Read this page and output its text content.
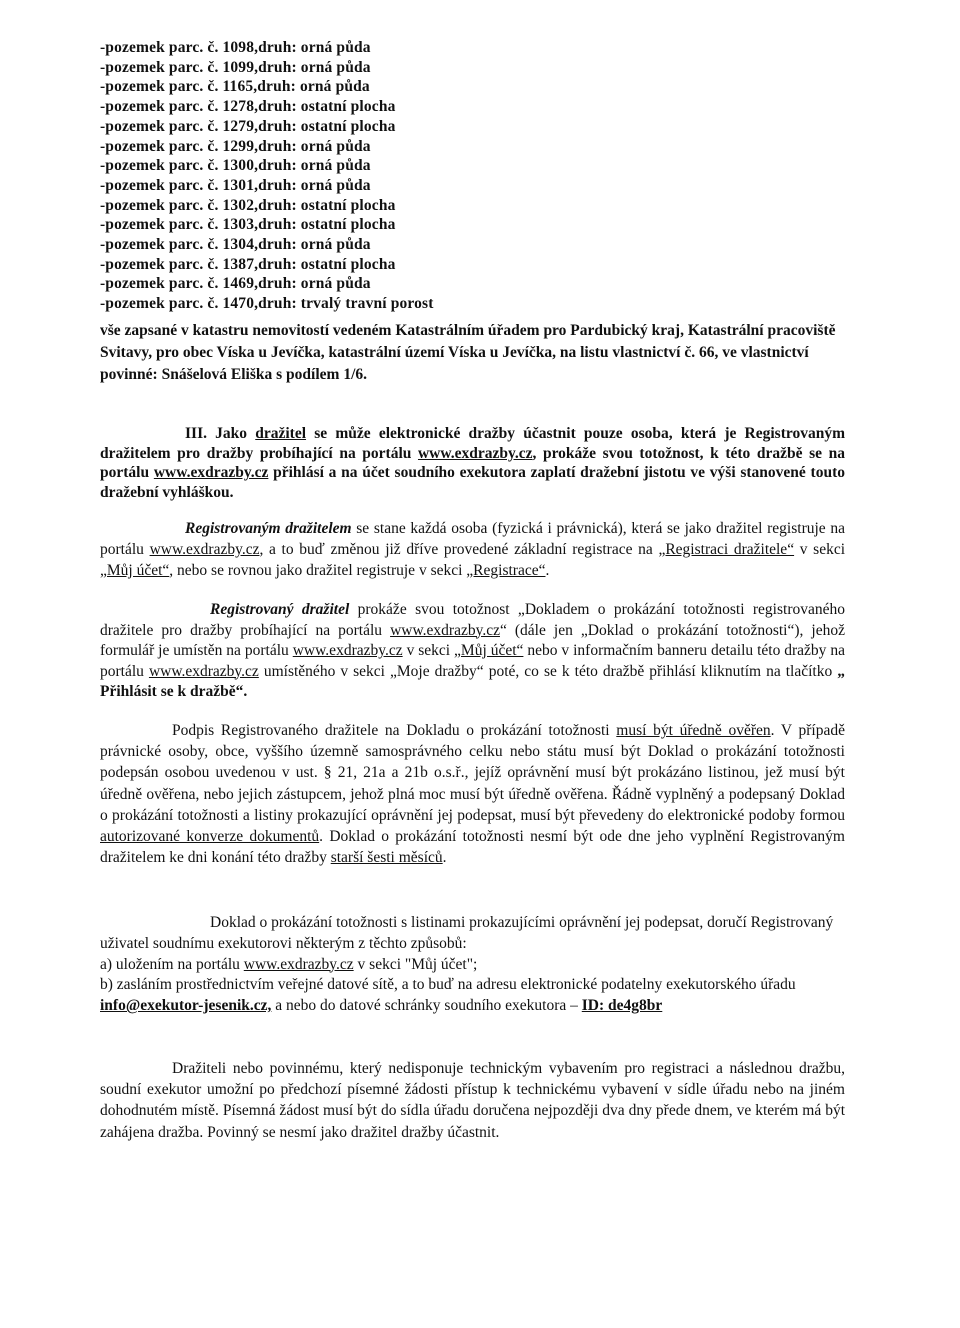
-pozemek parc. č. 1098,druh: orná půda
-pozemek parc. č. 1099,druh: orná půda
-pozemek parc. č. 1165,druh: orná půda
-pozemek parc. č. 1278,druh: ostatní plocha
-pozemek parc. č. 1279,druh: ostatní plocha
-pozemek parc. č. 1299,druh: orná půda
-pozemek parc. č. 1300,druh: orná půda
-pozemek parc. č. 1301,druh: orná půda
-pozemek parc. č. 1302,druh: ostatní plocha
-pozemek parc. č. 1303,druh: ostatní plocha
-pozemek parc. č. 1304,druh: orná půda
-pozemek parc. č. 1387,druh: ostatní plocha
-pozemek parc. č. 1469,druh: orná půda
-pozemek parc. č. 1470,druh: trvalý travní porost
vše zapsané v katastru nemovitostí vedeném Katastrálním úřadem pro Pardubický kraj, Katastrální pracoviště Svitavy, pro obec Víska u Jevíčka, katastrální území Víska u Jevíčka, na listu vlastnictví č. 66, ve vlastnictví povinné: Snášelová Eliška s podílem 1/6.
III. Jako dražitel se může elektronické dražby účastnit pouze osoba, která je Registrovaným dražitelem pro dražby probíhající na portálu www.exdrazby.cz, prokáže svou totožnost, k této dražbě se na portálu www.exdrazby.cz přihlásí a na účet soudního exekutora zaplatí dražební jistotu ve výši stanovené touto dražební vyhláškou.
Registrovaným dražitelem se stane každá osoba (fyzická i právnická), která se jako dražitel registruje na portálu www.exdrazby.cz, a to buď změnou již dříve provedené základní registrace na „Registraci dražitele“ v sekci „Můj účet“, nebo se rovnou jako dražitel registruje v sekci „Registrace“.
Registrovaný dražitel prokáže svou totožnost „Dokladem o prokázání totožnosti registrovaného dražitele pro dražby probíhající na portálu www.exdrazby.cz“ (dále jen „Doklad o prokázání totožnosti“), jehož formulář je umístěn na portálu www.exdrazby.cz v sekci „Můj účet“ nebo v informačním banneru detailu této dražby na portálu www.exdrazby.cz umístěného v sekci „Moje dražby“ poté, co se k této dražbě přihlásí kliknutím na tlačítko „ Přihlásit se k dražbě“.
Podpis Registrovaného dražitele na Dokladu o prokázání totožnosti musí být úředně ověřen. V případě právnické osoby, obce, vyššího územně samosprávného celku nebo státu musí být Doklad o prokázání totožnosti podepsán osobou uvedenou v ust. § 21, 21a a 21b o.s.ř., jejíž oprávnění musí být prokázáno listinou, jež musí být úředně ověřena, nebo jejich zástupcem, jehož plná moc musí být úředně ověřena. Řádně vyplněný a podepsaný Doklad o prokázání totožnosti a listiny prokazující oprávnění jej podepsat, musí být převedeny do elektronické podoby formou autorizované konverze dokumentů. Doklad o prokázání totožnosti nesmí být ode dne jeho vyplnění Registrovaným dražitelem ke dni konání této dražby starší šesti měsíců.
Doklad o prokázání totožnosti s listinami prokazujícími oprávnění jej podepsat, doručí Registrovaný uživatel soudnímu exekutorovi některým z těchto způsobů:
a) uložením na portálu www.exdrazby.cz v sekci "Můj účet";
b) zasláním prostřednictvím veřejné datové sítě, a to buď na adresu elektronické podatelny exekutorského úřadu info@exekutor-jesenik.cz, a nebo do datové schránky soudního exekutora – ID: de4g8br
Dražiteli nebo povinnému, který nedisponuje technickým vybavením pro registraci a následnou dražbu, soudní exekutor umožní po předchozí písemné žádosti přístup k technickému vybavení v sídle úřadu nebo na jiném dohodnutém místě. Písemná žádost musí být do sídla úřadu doručena nejpozději dva dny přede dnem, ve kterém má být zahájena dražba. Povinný se nesmí jako dražitel dražby účastnit.
